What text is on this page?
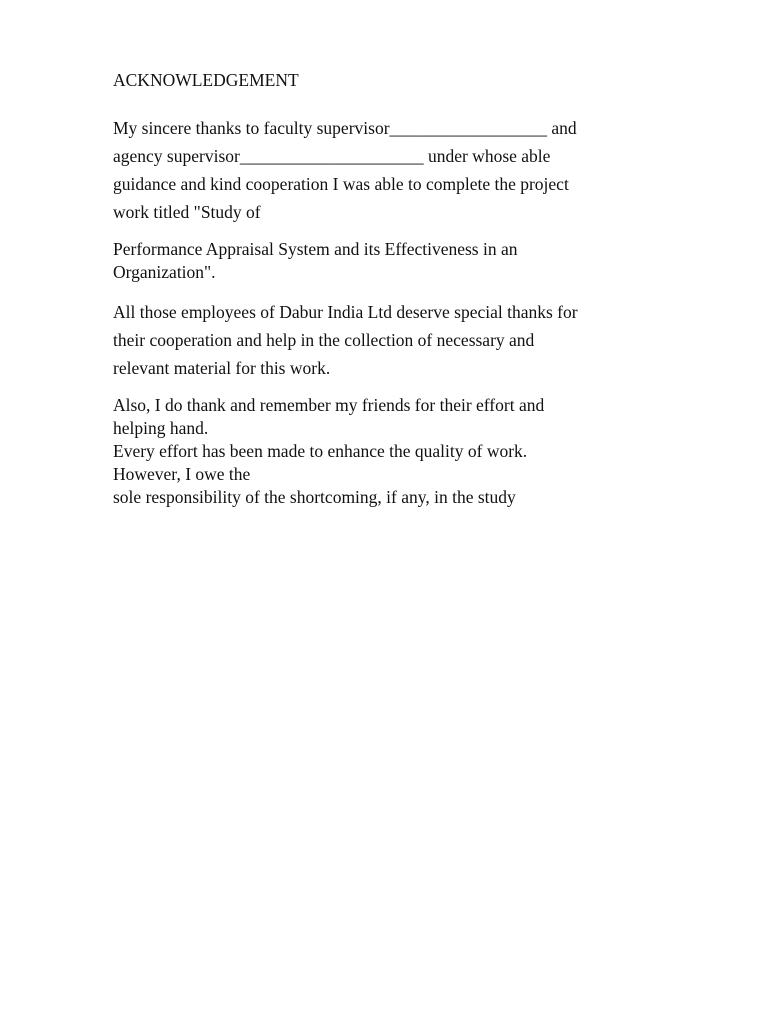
ACKNOWLEDGEMENT
My sincere thanks to faculty supervisor__________________ and
agency supervisor_____________________ under whose able
guidance and kind cooperation I was able to complete the project
work titled "Study of
Performance Appraisal System and its Effectiveness in an
Organization".
All those employees of Dabur India Ltd deserve special thanks for
their cooperation and help in the collection of necessary and
relevant material for this work.
Also, I do thank and remember my friends for their effort and
helping hand.
Every effort has been made to enhance the quality of work.
However, I owe the
sole responsibility of the shortcoming, if any, in the study
